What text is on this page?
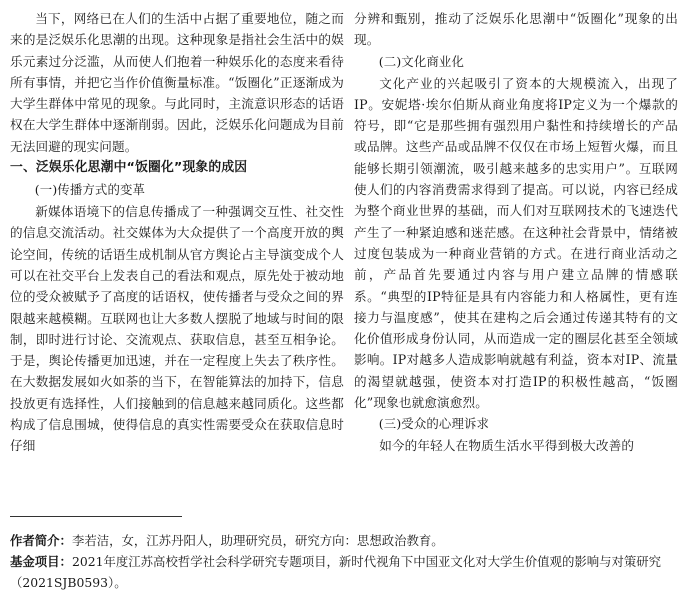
当下，网络已在人们的生活中占据了重要地位，随之而来的是泛娱乐化思潮的出现。这种现象是指社会生活中的娱乐元素过分泛滥，从而使人们抱着一种娱乐化的态度来看待所有事情，并把它当作价值衡量标准。“饭圈化”正逐渐成为大学生群体中常见的现象。与此同时，主流意识形态的话语权在大学生群体中逐渐削弱。因此，泛娱乐化问题成为目前无法回避的现实问题。

一、泛娱乐化思潮中“饭圈化”现象的成因

(一)传播方式的变革

新媒体语境下的信息传播成了一种强调交互性、社交性的信息交流活动。社交媒体为大众提供了一个高度开放的舆论空间，传统的话语生成机制从官方舆论占主导演变成个人可以在社交平台上发表自己的看法和观点，原先处于被动地位的受众被赋予了高度的话语权，使传播者与受众之间的界限越来越模糊。互联网也让大多数人摆脱了地域与时间的限制，即时进行讨论、交流观点、获取信息，甚至互相争论。于是，舆论传播更加迅速，并在一定程度上失去了秩序性。在大数据发展如火如荼的当下，在智能算法的加持下，信息投放更有选择性，人们接触到的信息越来越同质化。这些都构成了信息围城，使得信息的真实性需要受众在获取信息时仔细

分辨和甄别，推动了泛娱乐化思潮中“饭圈化”现象的出现。

(二)文化商业化

文化产业的兴起吸引了资本的大规模流入，出现了IP。安妮塔·埃尔伯斯从商业角度将IP定义为一个爆款的符号，即“它是那些拥有强烈用户黏性和持续增长的产品或品牌。这些产品或品牌不仅仅在市场上短暂火爆，而且能够长期引领潮流，吸引越来越多的忠实用户”。互联网使人们的内容消费需求得到了提高。可以说，内容已经成为整个商业世界的基础，而人们对互联网技术的飞速迭代产生了一种紧迫感和迷茫感。在这种社会背景中，情绪被过度包装成为一种商业营销的方式。在进行商业活动之前，产品首先要通过内容与用户建立品牌的情感联系。“典型的IP特征是具有内容能力和人格属性，更有连接力与温度感”，使其在建构之后会通过传递其特有的文化价值形成身份认同，从而造成一定的圈层化甚至全领域影响。IP对越多人造成影响就越有利益，资本对IP、流量的渴望就越强，使资本对打造IP的积极性越高，“饭圈化”现象也就愈演愈烈。

(三)受众的心理诉求

如今的年轻人在物质生活水平得到极大改善的

作者简介：李若洁，女，江苏丹阳人，助理研究员，研究方向：思想政治教育。

基金项目：2021年度江苏高校哲学社会科学研究专题项目，新时代视角下中国亚文化对大学生价值观的影响与对策研究（2021SJB0593）。
